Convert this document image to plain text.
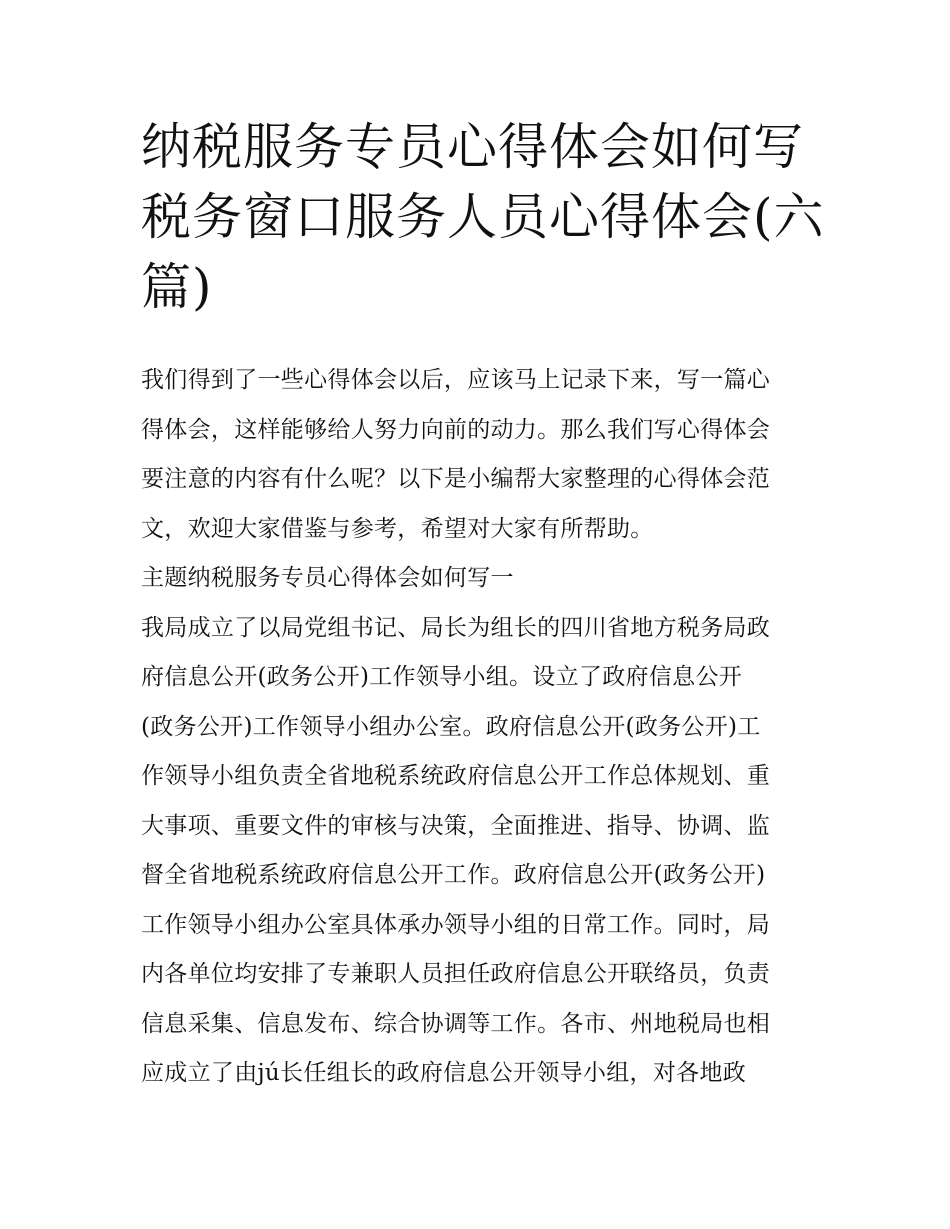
纳税服务专员心得体会如何写
税务窗口服务人员心得体会(六
篇)
我们得到了一些心得体会以后，应该马上记录下来，写一篇心
得体会，这样能够给人努力向前的动力。那么我们写心得体会
要注意的内容有什么呢？以下是小编帮大家整理的心得体会范
文，欢迎大家借鉴与参考，希望对大家有所帮助。
主题纳税服务专员心得体会如何写一
我局成立了以局党组书记、局长为组长的四川省地方税务局政
府信息公开(政务公开)工作领导小组。设立了政府信息公开
(政务公开)工作领导小组办公室。政府信息公开(政务公开)工
作领导小组负责全省地税系统政府信息公开工作总体规划、重
大事项、重要文件的审核与决策，全面推进、指导、协调、监
督全省地税系统政府信息公开工作。政府信息公开(政务公开)
工作领导小组办公室具体承办领导小组的日常工作。同时，局
内各单位均安排了专兼职人员担任政府信息公开联络员，负责
信息采集、信息发布、综合协调等工作。各市、州地税局也相
应成立了由jú长任组长的政府信息公开领导小组，对各地政
